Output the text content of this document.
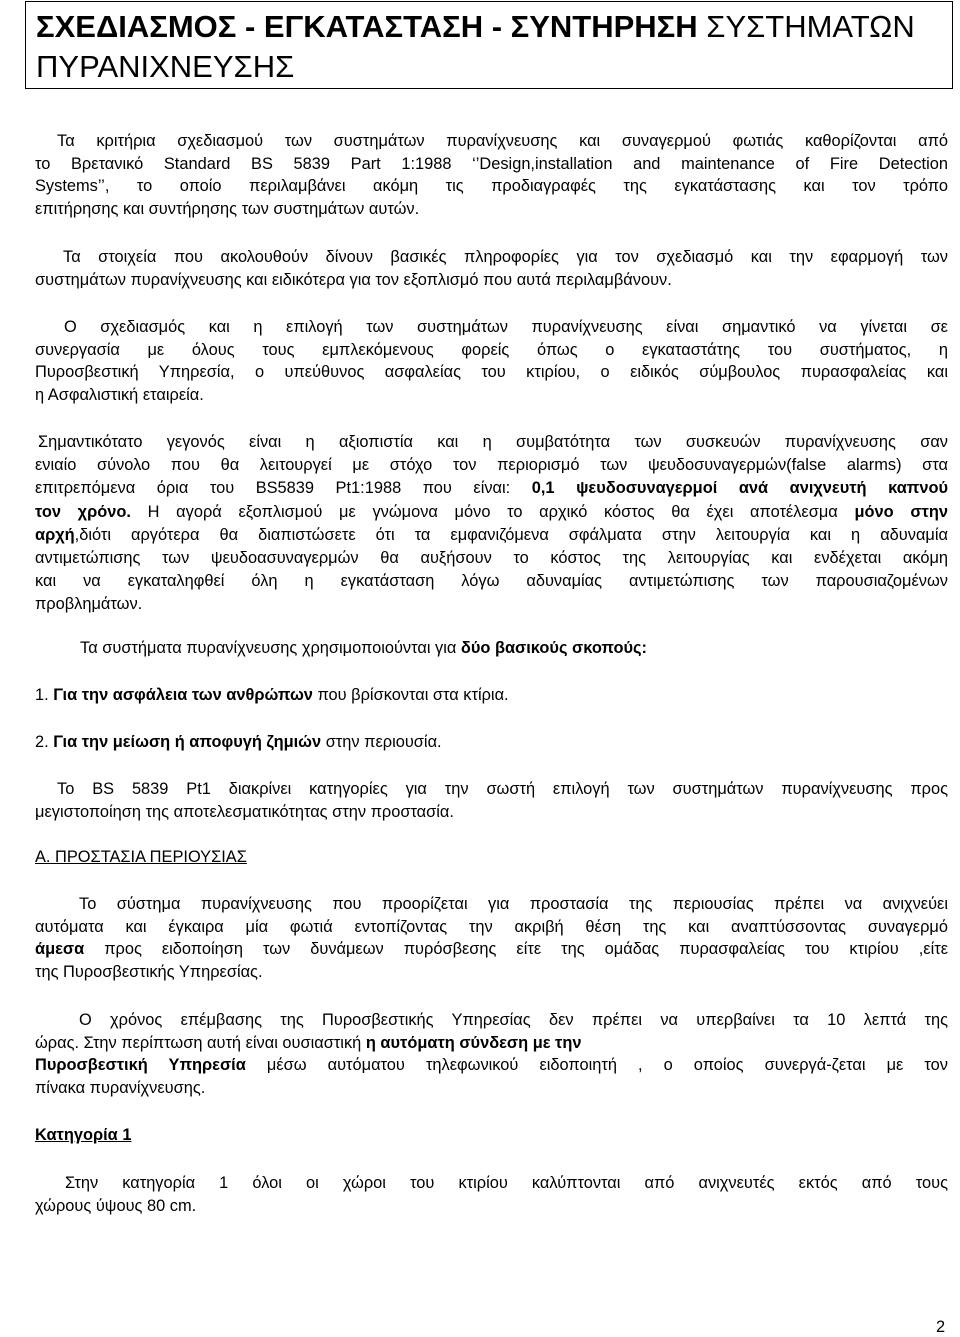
ΣΧΕΔΙΑΣΜΟΣ - ΕΓΚΑΤΑΣΤΑΣΗ - ΣΥΝΤΗΡΗΣΗ ΣΥΣΤΗΜΑΤΩΝ
ΠΥΡΑΝΙΧΝΕΥΣΗΣ
Τα κριτήρια σχεδιασμού των συστημάτων πυρανίχνευσης και συναγερμού φωτιάς καθορίζονται από
το Βρετανικό Standard BS 5839 Part 1:1988 ‘’Design,installation and maintenance of Fire Detection
Systems’’, το οποίο περιλαμβάνει ακόμη τις προδιαγραφές της εγκατάστασης και τον τρόπο
επιτήρησης και συντήρησης των συστημάτων αυτών.
Τα στοιχεία που ακολουθούν δίνουν βασικές πληροφορίες για τον σχεδιασμό και την εφαρμογή των
συστημάτων πυρανίχνευσης και ειδικότερα για τον εξοπλισμό που αυτά περιλαμβάνουν.
Ο σχεδιασμός και η επιλογή των συστημάτων πυρανίχνευσης είναι σημαντικό να γίνεται σε
συνεργασία με όλους τους εμπλεκόμενους φορείς όπως ο εγκαταστάτης του συστήματος, η
Πυροσβεστική Υπηρεσία, ο υπεύθυνος ασφαλείας του κτιρίου, ο ειδικός σύμβουλος πυρασφαλείας και
η Ασφαλιστική εταιρεία.
Σημαντικότατο γεγονός είναι η αξιοπιστία και η συμβατότητα των συσκευών πυρανίχνευσης σαν
ενιαίο σύνολο που θα λειτουργεί με στόχο τον περιορισμό των ψευδοσυναγερμών(false alarms) στα
επιτρεπόμενα όρια του BS5839 Pt1:1988 που είναι: 0,1 ψευδοσυναγερμοί ανά ανιχνευτή καπνού
τον χρόνο. Η αγορά εξοπλισμού με γνώμονα μόνο το αρχικό κόστος θα έχει αποτέλεσμα μόνο στην
αρχή,διότι αργότερα θα διαπιστώσετε ότι τα εμφανιζόμενα σφάλματα στην λειτουργία και η αδυναμία
αντιμετώπισης των ψευδοασυναγερμών θα αυξήσουν το κόστος της λειτουργίας και ενδέχεται ακόμη
και να εγκαταληφθεί όλη η εγκατάσταση λόγω αδυναμίας αντιμετώπισης των παρουσιαζομένων
προβλημάτων.
Τα συστήματα πυρανίχνευσης χρησιμοποιούνται για δύο βασικούς σκοπούς:
1. Για την ασφάλεια των ανθρώπων που βρίσκονται στα κτίρια.
2. Για την μείωση ή αποφυγή ζημιών στην περιουσία.
Το BS 5839 Pt1 διακρίνει κατηγορίες για την σωστή επιλογή των συστημάτων πυρανίχνευσης προς
μεγιστοποίηση της αποτελεσματικότητας στην προστασία.
Α. ΠΡΟΣΤΑΣΙΑ ΠΕΡΙΟΥΣΙΑΣ
Το σύστημα πυρανίχνευσης που προορίζεται για προστασία της περιουσίας πρέπει να ανιχνεύει
αυτόματα και έγκαιρα μία φωτιά εντοπίζοντας την ακριβή θέση της και αναπτύσσοντας συναγερμό
άμεσα προς ειδοποίηση των δυνάμεων πυρόσβεσης είτε της ομάδας πυρασφαλείας του κτιρίου ,είτε
της Πυροσβεστικής Υπηρεσίας.
Ο χρόνος επέμβασης της Πυροσβεστικής Υπηρεσίας δεν πρέπει να υπερβαίνει τα 10 λεπτά της
ώρας. Στην περίπτωση αυτή είναι ουσιαστική η αυτόματη σύνδεση με την
Πυροσβεστική Υπηρεσία μέσω αυτόματου τηλεφωνικού ειδοποιητή , ο οποίος συνεργά-ζεται με τον
πίνακα πυρανίχνευσης.
Κατηγορία 1
Στην κατηγορία 1 όλοι οι χώροι του κτιρίου καλύπτονται από ανιχνευτές εκτός από τους
χώρους ύψους 80 cm.
2
